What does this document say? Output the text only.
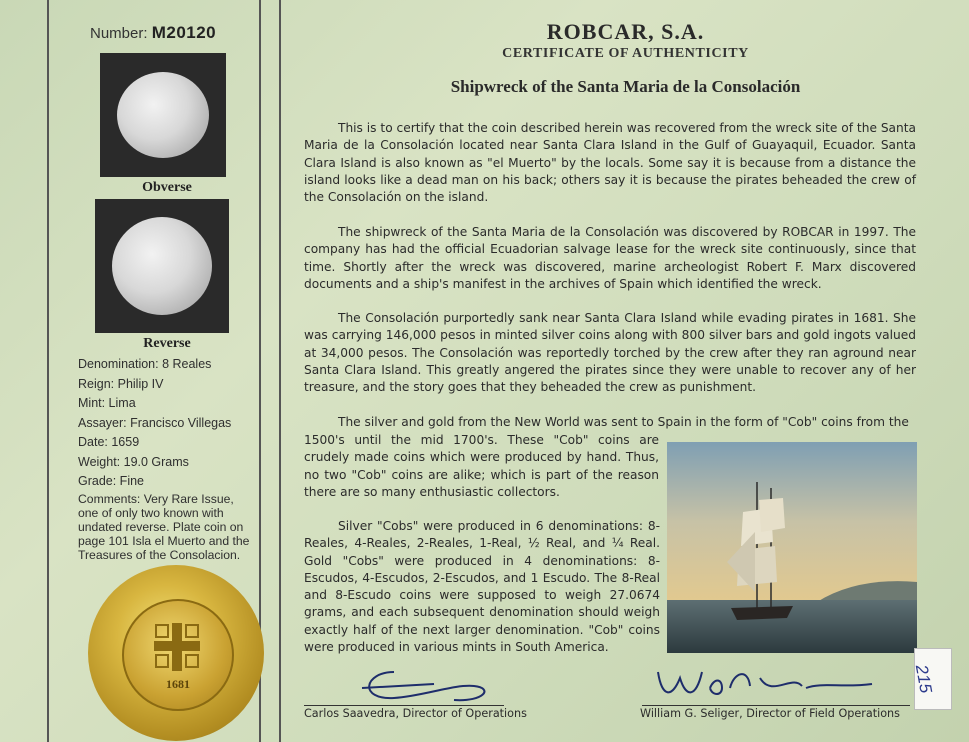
Number: M20120
Obverse
Reverse
Denomination: 8 Reales
Reign: Philip IV
Mint: Lima
Assayer: Francisco Villegas
Date: 1659
Weight: 19.0 Grams
Grade: Fine
Comments: Very Rare Issue, one of only two known with undated reverse. Plate coin on page 101 Isla el Muerto and the Treasures of the Consolacion.
1681
ROBCAR, S.A.
CERTIFICATE OF AUTHENTICITY
Shipwreck of the Santa Maria de la Consolación
This is to certify that the coin described herein was recovered from the wreck site of the Santa Maria de la Consolación located near Santa Clara Island in the Gulf of Guayaquil, Ecuador. Santa Clara Island is also known as "el Muerto" by the locals. Some say it is because from a distance the island looks like a dead man on his back; others say it is because the pirates beheaded the crew of the Consolación on the island.
The shipwreck of the Santa Maria de la Consolación was discovered by ROBCAR in 1997. The company has had the official Ecuadorian salvage lease for the wreck site continuously, since that time. Shortly after the wreck was discovered, marine archeologist Robert F. Marx discovered documents and a ship's manifest in the archives of Spain which identified the wreck.
The Consolación purportedly sank near Santa Clara Island while evading pirates in 1681. She was carrying 146,000 pesos in minted silver coins along with 800 silver bars and gold ingots valued at 34,000 pesos. The Consolación was reportedly torched by the crew after they ran aground near Santa Clara Island. This greatly angered the pirates since they were unable to recover any of her treasure, and the story goes that they beheaded the crew as punishment.
The silver and gold from the New World was sent to Spain in the form of "Cob" coins from the
1500's until the mid 1700's. These "Cob" coins are crudely made coins which were produced by hand. Thus, no two "Cob" coins are alike; which is part of the reason there are so many enthusiastic collectors.
Silver "Cobs" were produced in 6 denominations: 8-Reales, 4-Reales, 2-Reales, 1-Real, ½ Real, and ¼ Real. Gold "Cobs" were produced in 4 denominations: 8-Escudos, 4-Escudos, 2-Escudos, and 1 Escudo. The 8-Real and 8-Escudo coins were supposed to weigh 27.0674 grams, and each subsequent denomination should weigh exactly half of the next larger denomination. "Cob" coins were produced in various mints in South America.
Carlos Saavedra, Director of Operations	William G. Seliger, Director of Field Operations
215
